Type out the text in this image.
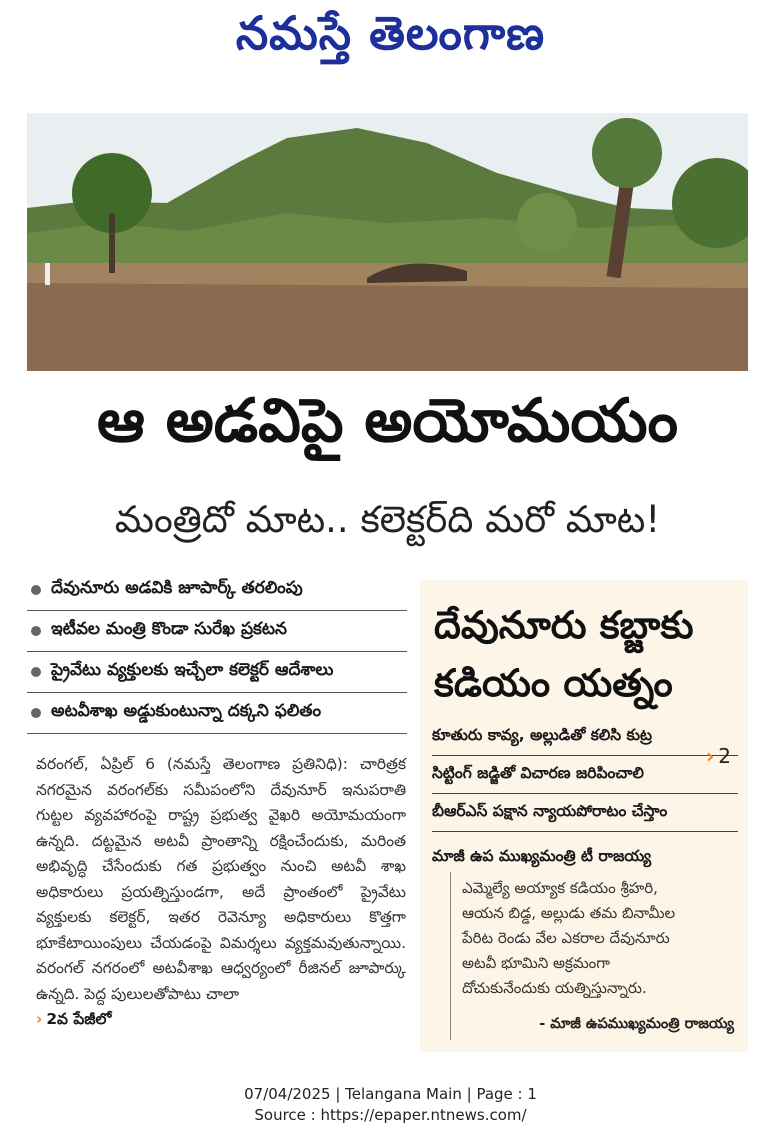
నమస్తే తెలంగాణ
ఆ అడవిపై అయోమయం
మంత్రిదో మాట.. కలెక్టర్‌ది మరో మాట!
దేవునూరు అడవికి జూపార్క్‌ తరలింపు
ఇటీవల మంత్రి కొండా సురేఖ ప్రకటన
ప్రైవేటు వ్యక్తులకు ఇచ్చేలా కలెక్టర్‌ ఆదేశాలు
అటవీశాఖ అడ్డుకుంటున్నా దక్కని ఫలితం

వరంగల్‌, ఏప్రిల్‌ 6 (నమస్తే తెలంగాణ ప్రతినిధి): చారిత్రక నగరమైన వరంగల్‌కు సమీపంలోని దేవునూర్‌ ఇనుపరాతి గుట్టల వ్యవహారంపై రాష్ట్ర ప్రభుత్వ వైఖరి అయోమయంగా ఉన్నది. దట్టమైన అటవీ ప్రాంతాన్ని రక్షించేందుకు, మరింత అభివృద్ధి చేసేందుకు గత ప్రభుత్వం నుంచి అటవీ శాఖ అధికారులు ప్రయత్నిస్తుండగా, అదే ప్రాంతంలో ప్రైవేటు వ్యక్తులకు కలెక్టర్‌, ఇతర రెవెన్యూ అధికారులు కొత్తగా భూకేటాయింపులు చేయడంపై విమర్శలు వ్యక్తమవుతున్నాయి. వరంగల్‌ నగరంలో అటవీశాఖ ఆధ్వర్యంలో రీజినల్‌ జూపార్కు ఉన్నది. పెద్ద పులులతోపాటు చాలా

› 2వ పేజీలో
దేవునూరు కబ్జాకు
కడియం యత్నం
కూతురు కావ్య, అల్లుడితో కలిసి కుట్ర
సిట్టింగ్‌ జడ్జితో విచారణ జరిపించాలి
బీఆర్‌ఎస్‌ పక్షాన న్యాయపోరాటం చేస్తాం
› 2
మాజీ ఉప ముఖ్యమంత్రి టీ రాజయ్య

ఎమ్మెల్యే అయ్యాక కడియం శ్రీహరి,

ఆయన బిడ్డ, అల్లుడు తమ బినామీల

పేరిట రెండు వేల ఎకరాల దేవునూరు

అటవీ భూమిని అక్రమంగా

దోచుకునేందుకు యత్నిస్తున్నారు.

- మాజీ ఉపముఖ్యమంత్రి రాజయ్య
07/04/2025 | Telangana Main | Page : 1
Source : https://epaper.ntnews.com/
